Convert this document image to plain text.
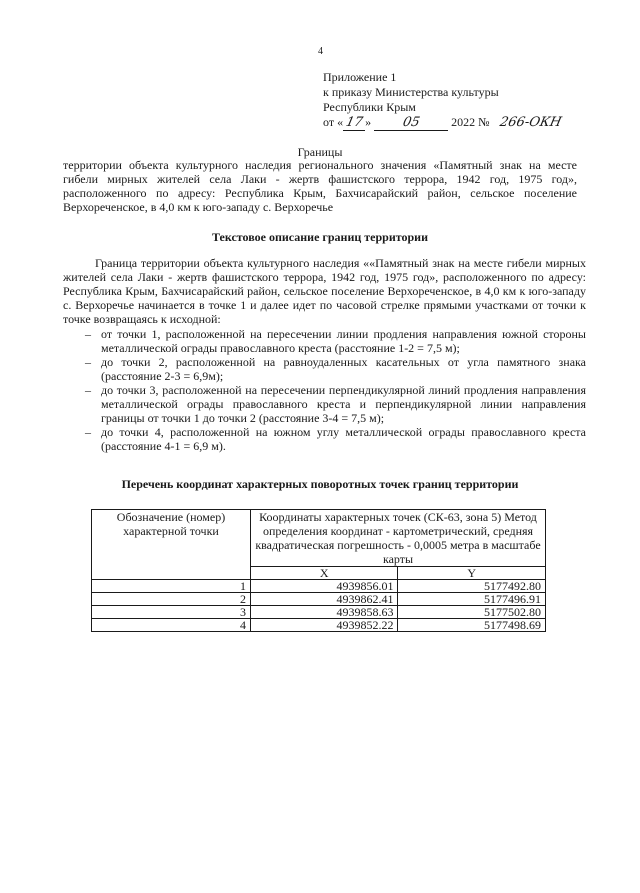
4
Приложение 1
к приказу Министерства культуры
Республики Крым
от «17» 05	2022 № 266-ОКН
Границы
территории объекта культурного наследия регионального значения «Памятный знак на месте гибели мирных жителей села Лаки - жертв фашистского террора, 1942 год, 1975 год», расположенного по адресу: Республика Крым, Бахчисарайский район, сельское поселение Верхореченское, в 4,0 км к юго-западу с. Верхоречье
Текстовое описание границ территории
Граница территории объекта культурного наследия ««Памятный знак на месте гибели мирных жителей села Лаки - жертв фашистского террора, 1942 год, 1975 год», расположенного по адресу: Республика Крым, Бахчисарайский район, сельское поселение Верхореченское, в 4,0 км к юго-западу с. Верхоречье начинается в точке 1 и далее идет по часовой стрелке прямыми участками от точки к точке возвращаясь к исходной:
– от точки 1, расположенной на пересечении линии продления направления южной стороны металлической ограды православного креста (расстояние 1-2 = 7,5 м);
– до точки 2, расположенной на равноудаленных касательных от угла памятного знака (расстояние 2-3 = 6,9м);
– до точки 3, расположенной на пересечении перпендикулярной линий продления направления металлической ограды православного креста и перпендикулярной линии направления границы от точки 1 до точки 2 (расстояние 3-4 = 7,5 м);
– до точки 4, расположенной на южном углу металлической ограды православного креста (расстояние 4-1 = 6,9 м).
Перечень координат характерных поворотных точек границ территории
Обозначение (номер) характерной точки	Координаты характерных точек (СК-63, зона 5) Метод определения координат - картометрический, средняя квадратическая погрешность - 0,0005 метра в масштабе карты	
	X	Y
1	4939856.01	5177492.80
2	4939862.41	5177496.91
3	4939858.63	5177502.80
4	4939852.22	5177498.69
